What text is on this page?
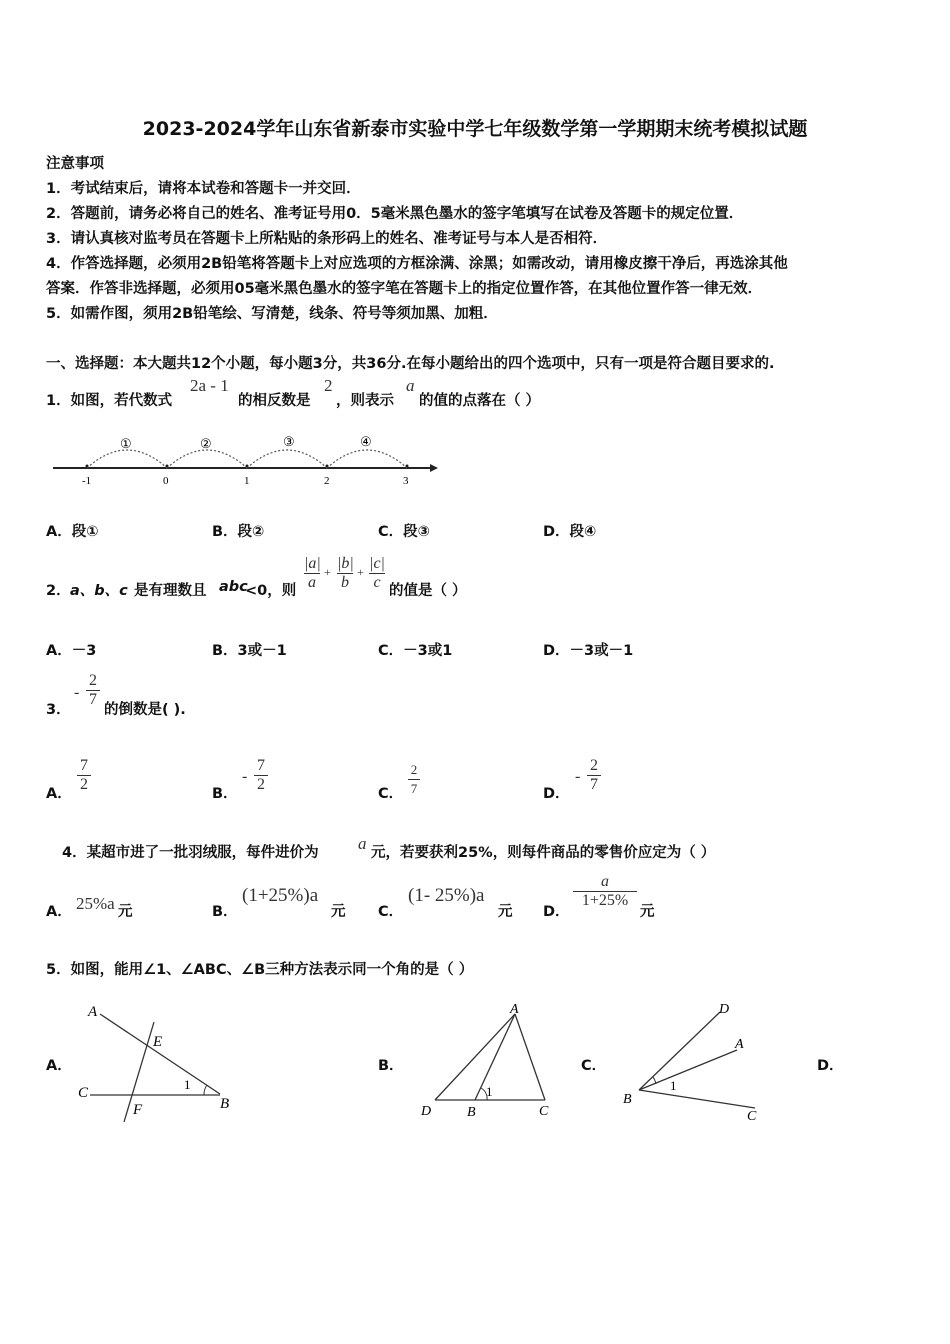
2023-2024学年山东省新泰市实验中学七年级数学第一学期期末统考模拟试题
注意事项
1．考试结束后，请将本试卷和答题卡一并交回．
2．答题前，请务必将自己的姓名、准考证号用0．5毫米黑色墨水的签字笔填写在试卷及答题卡的规定位置．
3．请认真核对监考员在答题卡上所粘贴的条形码上的姓名、准考证号与本人是否相符．
4．作答选择题，必须用2B铅笔将答题卡上对应选项的方框涂满、涂黑；如需改动，请用橡皮擦干净后，再选涂其他
答案．作答非选择题，必须用05毫米黑色墨水的签字笔在答题卡上的指定位置作答，在其他位置作答一律无效．
5．如需作图，须用2B铅笔绘、写清楚，线条、符号等须加黑、加粗．
一、选择题：本大题共12个小题，每小题3分，共36分.在每小题给出的四个选项中，只有一项是符合题目要求的.
1．如图，若代数式
2a - 1
的相反数是
2
，则表示
a
的值的点落在（ ）
-1	0	1	2	3
①	②	③	④
A．段①	B．段②	C．段③	D．段④
2． a、b、c 是有理数且 abc
<0，则 $\frac{|a|}{a} + \frac{|b|}{b} + \frac{|c|}{c}$ 的值是（ ）
A．－3	B．3或－1	C．－3或1	D．－3或－1
3．
- $\frac{2}{7}$
的倒数是( ).
A． $\frac{7}{2}$	B．
- $\frac{7}{2}$	C． $\frac{2}{7}$	D．
- $\frac{2}{7}$
4．某超市进了一批羽绒服，每件进价为 a 元，若要获利25%，则每件商品的零售价应定为（ ）
A． 25%a 元	B．
(1+25%)a
元 C．
(1- 25%)a
元 D．
$\frac{a}{1+25\%}$
元
5．如图，能用∠1、∠ABC、∠B三种方法表示同一个角的是（ ）
A．
A
E
C
F	B
1
B．
A
D	B	C
1
C．
D
A
B
C
1
D．
